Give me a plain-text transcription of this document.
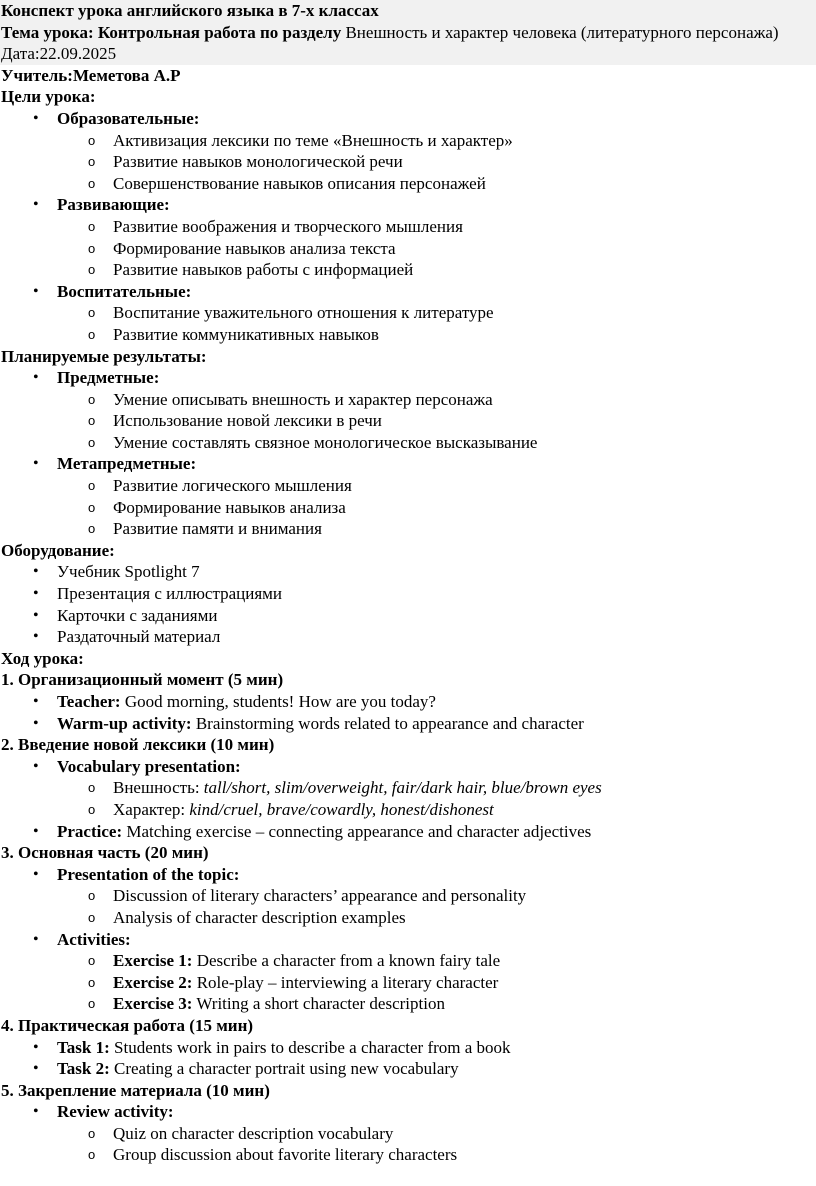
Конспект урока английского языка в 7-х классах

Тема урока: Контрольная работа по разделу Внешность и характер человека (литературного персонажа)

Дата:22.09.2025

Учитель:Меметова А.Р

Цели урока:

• Образовательные:
o Активизация лексики по теме «Внешность и характер»
o Развитие навыков монологической речи
o Совершенствование навыков описания персонажей
• Развивающие:
o Развитие воображения и творческого мышления
o Формирование навыков анализа текста
o Развитие навыков работы с информацией
• Воспитательные:
o Воспитание уважительного отношения к литературе
o Развитие коммуникативных навыков

Планируемые результаты:

• Предметные:
o Умение описывать внешность и характер персонажа
o Использование новой лексики в речи
o Умение составлять связное монологическое высказывание
• Метапредметные:
o Развитие логического мышления
o Формирование навыков анализа
o Развитие памяти и внимания

Оборудование:

• Учебник Spotlight 7
• Презентация с иллюстрациями
• Карточки с заданиями
• Раздаточный материал

Ход урока:

1. Организационный момент (5 мин)

• Teacher: Good morning, students! How are you today?
• Warm-up activity: Brainstorming words related to appearance and character

2. Введение новой лексики (10 мин)

• Vocabulary presentation:
o Внешность: tall/short, slim/overweight, fair/dark hair, blue/brown eyes
o Характер: kind/cruel, brave/cowardly, honest/dishonest
• Practice: Matching exercise – connecting appearance and character adjectives

3. Основная часть (20 мин)

• Presentation of the topic:
o Discussion of literary characters’ appearance and personality
o Analysis of character description examples
• Activities:
o Exercise 1: Describe a character from a known fairy tale
o Exercise 2: Role-play – interviewing a literary character
o Exercise 3: Writing a short character description

4. Практическая работа (15 мин)

• Task 1: Students work in pairs to describe a character from a book
• Task 2: Creating a character portrait using new vocabulary

5. Закрепление материала (10 мин)

• Review activity:
o Quiz on character description vocabulary
o Group discussion about favorite literary characters
